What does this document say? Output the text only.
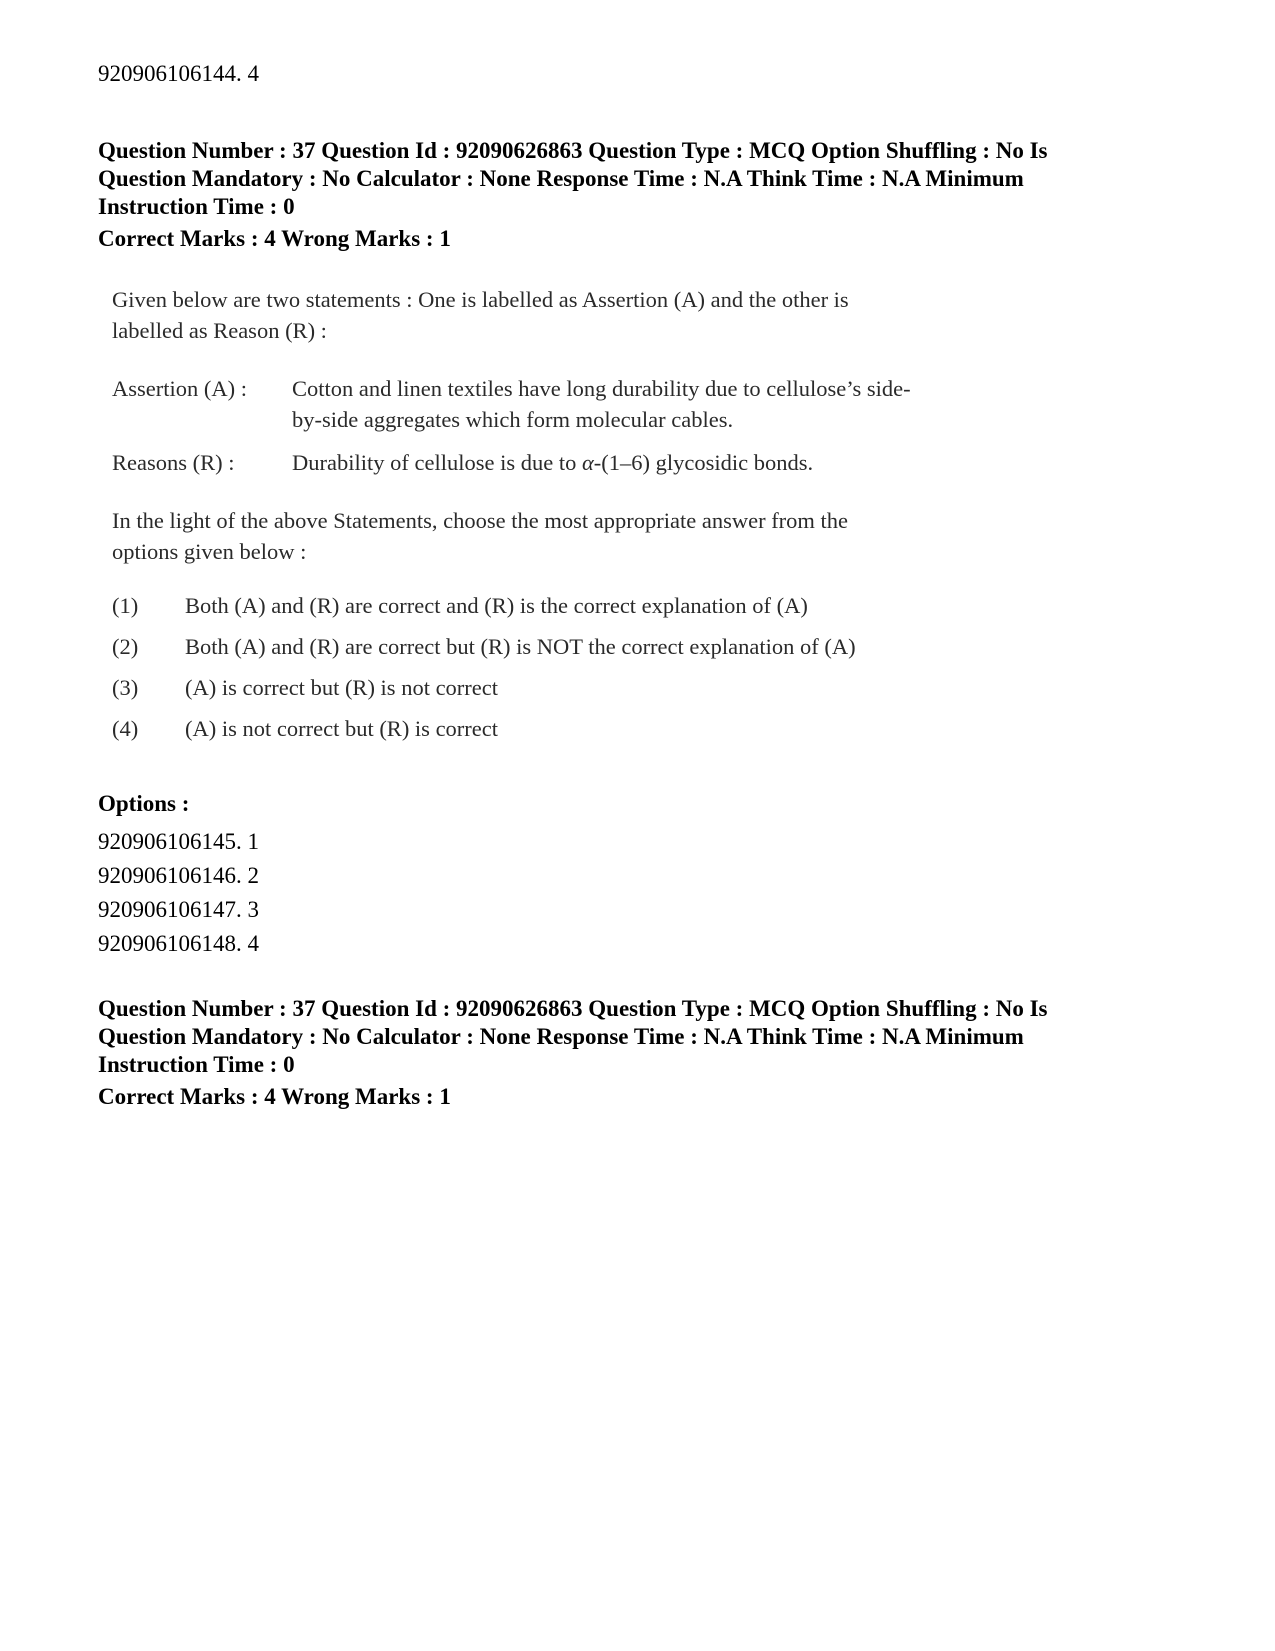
920906106144. 4
Question Number : 37 Question Id : 92090626863 Question Type : MCQ Option Shuffling : No Is
Question Mandatory : No Calculator : None Response Time : N.A Think Time : N.A Minimum
Instruction Time : 0
Correct Marks : 4 Wrong Marks : 1

Given below are two statements : One is labelled as Assertion (A) and the other is
labelled as Reason (R) :

Assertion (A) :	Cotton and linen textiles have long durability due to cellulose’s side-
by-side aggregates which form molecular cables.
Reasons (R) :	Durability of cellulose is due to α-(1–6) glycosidic bonds.

In the light of the above Statements, choose the most appropriate answer from the
options given below :

(1)	Both (A) and (R) are correct and (R) is the correct explanation of (A)
(2)	Both (A) and (R) are correct but (R) is NOT the correct explanation of (A)
(3)	(A) is correct but (R) is not correct
(4)	(A) is not correct but (R) is correct
Options :
920906106145. 1
920906106146. 2
920906106147. 3
920906106148. 4
Question Number : 37 Question Id : 92090626863 Question Type : MCQ Option Shuffling : No Is
Question Mandatory : No Calculator : None Response Time : N.A Think Time : N.A Minimum
Instruction Time : 0
Correct Marks : 4 Wrong Marks : 1
